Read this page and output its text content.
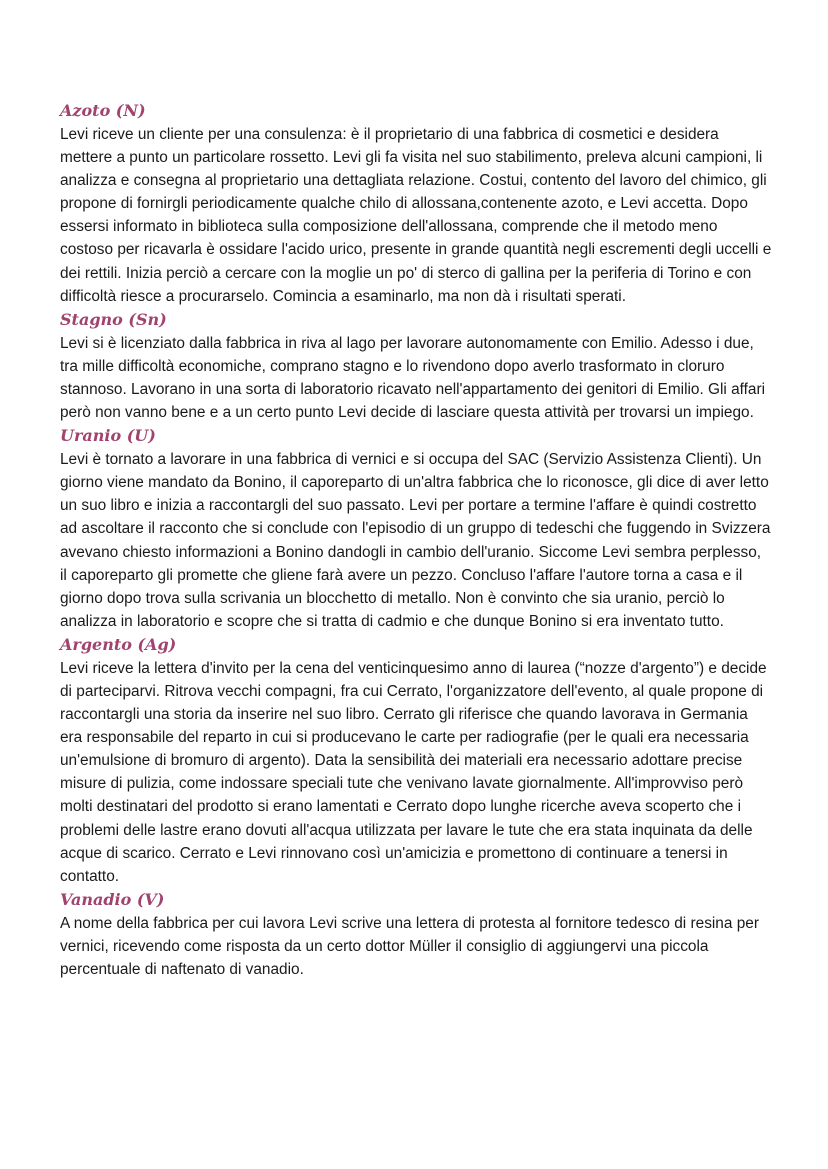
Azoto (N)

Levi riceve un cliente per una consulenza: è il proprietario di una fabbrica di cosmetici e desidera mettere a punto un particolare rossetto. Levi gli fa visita nel suo stabilimento, preleva alcuni campioni, li analizza e consegna al proprietario una dettagliata relazione. Costui, contento del lavoro del chimico, gli propone di fornirgli periodicamente qualche chilo di allossana,contenente azoto, e Levi accetta. Dopo essersi informato in biblioteca sulla composizione dell'allossana, comprende che il metodo meno costoso per ricavarla è ossidare l'acido urico, presente in grande quantità negli escrementi degli uccelli e dei rettili. Inizia perciò a cercare con la moglie un po' di sterco di gallina per la periferia di Torino e con difficoltà riesce a procurarselo. Comincia a esaminarlo, ma non dà i risultati sperati.

Stagno (Sn)

Levi si è licenziato dalla fabbrica in riva al lago per lavorare autonomamente con Emilio. Adesso i due, tra mille difficoltà economiche, comprano stagno e lo rivendono dopo averlo trasformato in cloruro stannoso. Lavorano in una sorta di laboratorio ricavato nell'appartamento dei genitori di Emilio. Gli affari però non vanno bene e a un certo punto Levi decide di lasciare questa attività per trovarsi un impiego.

Uranio (U)

Levi è tornato a lavorare in una fabbrica di vernici e si occupa del SAC (Servizio Assistenza Clienti). Un giorno viene mandato da Bonino, il caporeparto di un'altra fabbrica che lo riconosce, gli dice di aver letto un suo libro e inizia a raccontargli del suo passato. Levi per portare a termine l'affare è quindi costretto ad ascoltare il racconto che si conclude con l'episodio di un gruppo di tedeschi che fuggendo in Svizzera avevano chiesto informazioni a Bonino dandogli in cambio dell'uranio. Siccome Levi sembra perplesso, il caporeparto gli promette che gliene farà avere un pezzo. Concluso l'affare l'autore torna a casa e il giorno dopo trova sulla scrivania un blocchetto di metallo. Non è convinto che sia uranio, perciò lo analizza in laboratorio e scopre che si tratta di cadmio e che dunque Bonino si era inventato tutto.

Argento (Ag)

Levi riceve la lettera d'invito per la cena del venticinquesimo anno di laurea (“nozze d'argento”) e decide di parteciparvi. Ritrova vecchi compagni, fra cui Cerrato, l'organizzatore dell'evento, al quale propone di raccontargli una storia da inserire nel suo libro. Cerrato gli riferisce che quando lavorava in Germania era responsabile del reparto in cui si producevano le carte per radiografie (per le quali era necessaria un'emulsione di bromuro di argento). Data la sensibilità dei materiali era necessario adottare precise misure di pulizia, come indossare speciali tute che venivano lavate giornalmente. All'improvviso però molti destinatari del prodotto si erano lamentati e Cerrato dopo lunghe ricerche aveva scoperto che i problemi delle lastre erano dovuti all'acqua utilizzata per lavare le tute che era stata inquinata da delle acque di scarico. Cerrato e Levi rinnovano così un'amicizia e promettono di continuare a tenersi in contatto.

Vanadio (V)

A nome della fabbrica per cui lavora Levi scrive una lettera di protesta al fornitore tedesco di resina per vernici, ricevendo come risposta da un certo dottor Müller il consiglio di aggiungervi una piccola percentuale di naftenato di vanadio.
